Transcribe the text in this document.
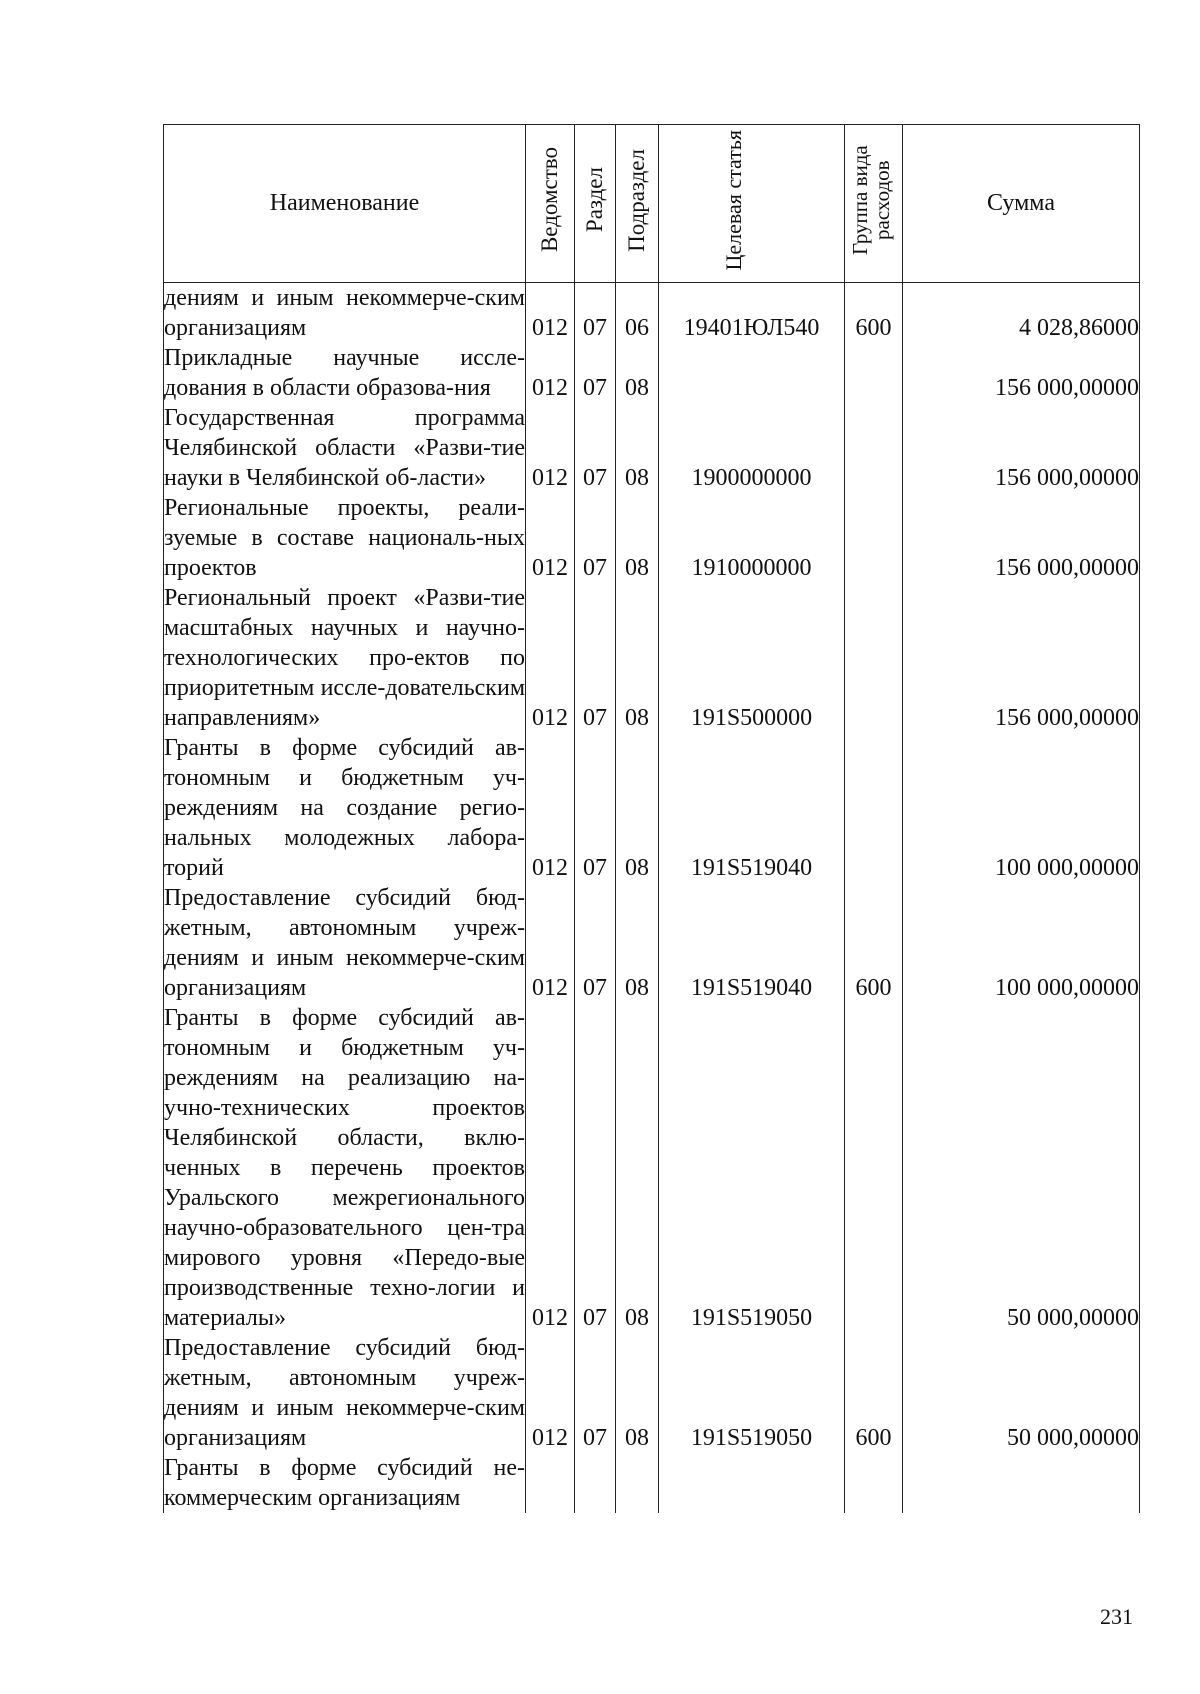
Наименование	Ведомство	Раздел	Подраздел	Целевая статья	Группа вида расходов	Сумма
дениям и иным некоммерче-ским организациям	012	07	06	19401ЮЛ540	600	4 028,86000
Прикладные научные иссле-дования в области образова-ния	012	07	08			156 000,00000
Государственная программа Челябинской области «Разви-тие науки в Челябинской об-ласти»	012	07	08	1900000000		156 000,00000
Региональные проекты, реали-зуемые в составе националь-ных проектов	012	07	08	1910000000		156 000,00000
Региональный проект «Разви-тие масштабных научных и научно-технологических про-ектов по приоритетным иссле-довательским направлениям»	012	07	08	191S500000		156 000,00000
Гранты в форме субсидий ав-тономным и бюджетным уч-реждениям на создание регио-нальных молодежных лабора-торий	012	07	08	191S519040		100 000,00000
Предоставление субсидий бюд-жетным, автономным учреж-дениям и иным некоммерче-ским организациям	012	07	08	191S519040	600	100 000,00000
Гранты в форме субсидий ав-тономным и бюджетным уч-реждениям на реализацию на-учно-технических проектов Челябинской области, вклю-ченных в перечень проектов Уральского межрегионального научно-образовательного цен-тра мирового уровня «Передо-вые производственные техно-логии и материалы»	012	07	08	191S519050		50 000,00000
Предоставление субсидий бюд-жетным, автономным учреж-дениям и иным некоммерче-ским организациям	012	07	08	191S519050	600	50 000,00000
Гранты в форме субсидий не-коммерческим организациям						
231
